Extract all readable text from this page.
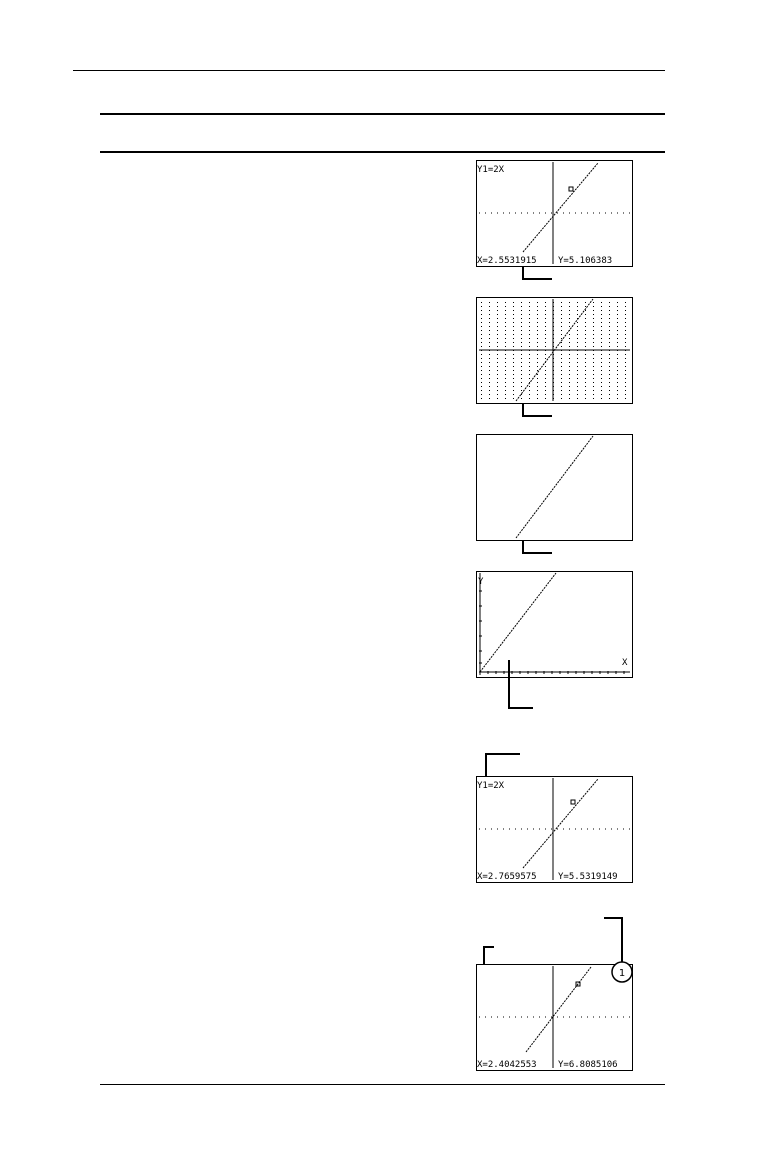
Y1=2X
X=2.5531915 Y=5.106383
Y
X
Y1=2X
X=2.7659575 Y=5.5319149
X=2.4042553 Y=6.8085106
1
